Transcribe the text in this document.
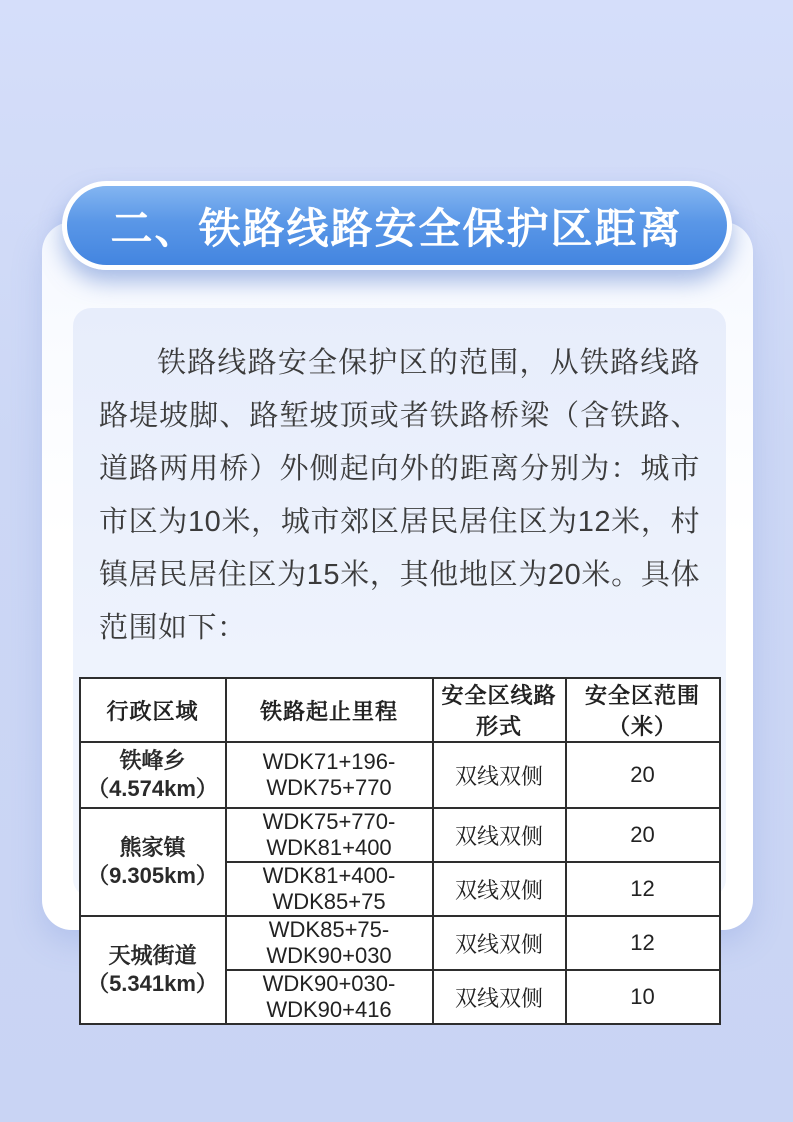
二、铁路线路安全保护区距离

铁路线路安全保护区的范围，从铁路线路路堤坡脚、路堑坡顶或者铁路桥梁（含铁路、道路两用桥）外侧起向外的距离分别为：城市市区为10米，城市郊区居民居住区为12米，村镇居民居住区为15米，其他地区为20米。具体范围如下：

行政区域	铁路起止里程	安全区线路形式	安全区范围（米）

铁峰乡
（4.574km）	WDK71+196-WDK75+770	双线双侧	20

熊家镇
（9.305km）	WDK75+770-WDK81+400	双线双侧	20
	WDK81+400-WDK85+75	双线双侧	12

天城街道
（5.341km）	WDK85+75-WDK90+030	双线双侧	12
	WDK90+030-WDK90+416	双线双侧	10
